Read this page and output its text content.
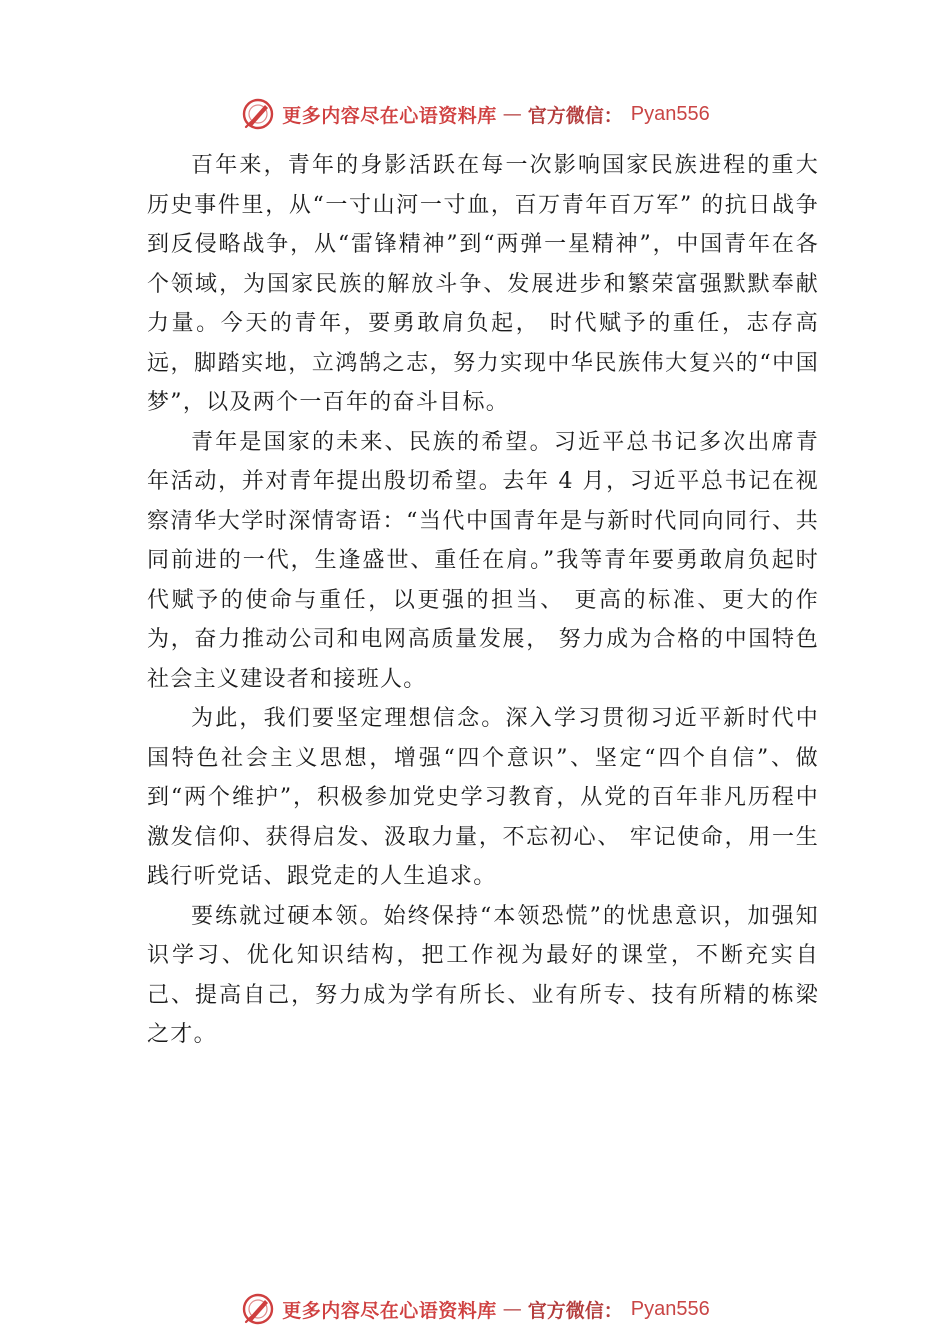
更多内容尽在心语资料库 — 官方微信： Pyan556

百年来，青年的身影活跃在每一次影响国家民族进程的重大历史事件里，从“一寸山河一寸血，百万青年百万军” 的抗日战争到反侵略战争，从“雷锋精神”到“两弹一星精神”，中国青年在各个领域，为国家民族的解放斗争、发展进步和繁荣富强默默奉献力量。今天的青年，要勇敢肩负起， 时代赋予的重任，志存高远，脚踏实地，立鸿鹄之志，努力实现中华民族伟大复兴的“中国梦”，以及两个一百年的奋斗目标。

青年是国家的未来、民族的希望。习近平总书记多次出席青年活动，并对青年提出殷切希望。去年 4 月，习近平总书记在视察清华大学时深情寄语：“当代中国青年是与新时代同向同行、共同前进的一代，生逢盛世、重任在肩。”我等青年要勇敢肩负起时代赋予的使命与重任，以更强的担当、 更高的标准、更大的作为，奋力推动公司和电网高质量发展， 努力成为合格的中国特色社会主义建设者和接班人。

为此，我们要坚定理想信念。深入学习贯彻习近平新时代中国特色社会主义思想，增强“四个意识”、坚定“四个自信”、做到“两个维护”，积极参加党史学习教育，从党的百年非凡历程中激发信仰、获得启发、汲取力量，不忘初心、 牢记使命，用一生践行听党话、跟党走的人生追求。

要练就过硬本领。始终保持“本领恐慌”的忧患意识，加强知识学习、优化知识结构，把工作视为最好的课堂，不断充实自己、提高自己，努力成为学有所长、业有所专、技有所精的栋梁之才。

更多内容尽在心语资料库 — 官方微信： Pyan556
